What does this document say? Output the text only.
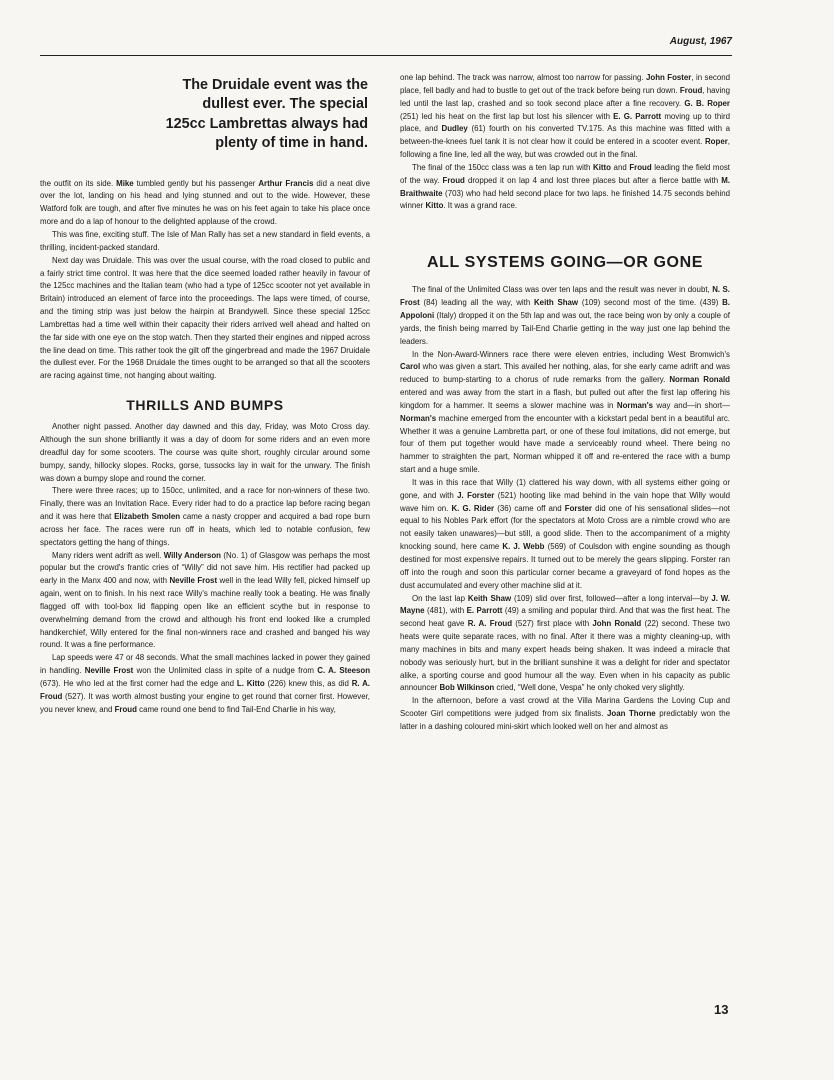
August, 1967
The Druidale event was the dullest ever. The special 125cc Lambrettas always had plenty of time in hand.

the outfit on its side. Mike tumbled gently but his passenger Arthur Francis did a neat dive over the lot, landing on his head and lying stunned and out to the wide. However, these Watford folk are tough, and after five minutes he was on his feet again to take his place once more and do a lap of honour to the delighted applause of the crowd.

This was fine, exciting stuff. The Isle of Man Rally has set a new standard in field events, a thrilling, incident-packed standard.

Next day was Druidale. This was over the usual course, with the road closed to public and a fairly strict time control. It was here that the dice seemed loaded rather heavily in favour of the 125cc machines and the Italian team (who had a type of 125cc scooter not yet available in Britain) introduced an element of farce into the proceedings. The laps were timed, of course, and the timing strip was just below the hairpin at Brandywell. Since these special 125cc Lambrettas had a time well within their capacity their riders arrived well ahead and halted on the far side with one eye on the stop watch. Then they started their engines and nipped across the line dead on time. This rather took the gilt off the gingerbread and made the 1967 Druidale the dullest ever. For the 1968 Druidale the times ought to be arranged so that all the scooters are racing against time, not hanging about waiting.

THRILLS AND BUMPS

Another night passed. Another day dawned and this day, Friday, was Moto Cross day. Although the sun shone brilliantly it was a day of doom for some riders and an even more dreadful day for some scooters. The course was quite short, roughly circular around some bumpy, sandy, hillocky slopes. Rocks, gorse, tussocks lay in wait for the unwary. The finish was down a bumpy slope and round the corner.

There were three races; up to 150cc, unlimited, and a race for non-winners of these two. Finally, there was an Invitation Race. Every rider had to do a practice lap before racing began and it was here that Elizabeth Smolen came a nasty cropper and acquired a bad rope burn across her face. The races were run off in heats, which led to notable confusion, few spectators getting the hang of things.

Many riders went adrift as well. Willy Anderson (No. 1) of Glasgow was perhaps the most popular but the crowd's frantic cries of “Willy” did not save him. His rectifier had packed up early in the Manx 400 and now, with Neville Frost well in the lead Willy fell, picked himself up again, went on to finish. In his next race Willy's machine really took a beating. He was finally flagged off with tool-box lid flapping open like an efficient scythe but in response to overwhelming demand from the crowd and although his front end looked like a crumpled handkerchief, Willy entered for the final non-winners race and crashed and banged his way round. It was a fine performance.

Lap speeds were 47 or 48 seconds. What the small machines lacked in power they gained in handling. Neville Frost won the Unlimited class in spite of a nudge from C. A. Steeson (673). He who led at the first corner had the edge and L. Kitto (226) knew this, as did R. A. Froud (527). It was worth almost busting your engine to get round that corner first. However, you never knew, and Froud came round one bend to find Tail-End Charlie in his way,

one lap behind. The track was narrow, almost too narrow for passing. John Foster, in second place, fell badly and had to bustle to get out of the track before being run down. Froud, having led until the last lap, crashed and so took second place after a fine recovery. G. B. Roper (251) led his heat on the first lap but lost his silencer with E. G. Parrott moving up to third place, and Dudley (61) fourth on his converted TV.175. As this machine was fitted with a between-the-knees fuel tank it is not clear how it could be entered in a scooter event. Roper, following a fine line, led all the way, but was crowded out in the final.

The final of the 150cc class was a ten lap run with Kitto and Froud leading the field most of the way. Froud dropped it on lap 4 and lost three places but after a fierce battle with M. Braithwaite (703) who had held second place for two laps. he finished 14.75 seconds behind winner Kitto. It was a grand race.

ALL SYSTEMS GOING—OR GONE

The final of the Unlimited Class was over ten laps and the result was never in doubt, N. S. Frost (84) leading all the way, with Keith Shaw (109) second most of the time. (439) B. Appoloni (Italy) dropped it on the 5th lap and was out, the race being won by only a couple of yards, the finish being marred by Tail-End Charlie getting in the way just one lap behind the leaders.

In the Non-Award-Winners race there were eleven entries, including West Bromwich's Carol who was given a start. This availed her nothing, alas, for she early came adrift and was reduced to bump-starting to a chorus of rude remarks from the gallery. Norman Ronald entered and was away from the start in a flash, but pulled out after the first lap offering his kingdom for a hammer. It seems a slower machine was in Norman's way and—in short—Norman's machine emerged from the encounter with a kickstart pedal bent in a beautiful arc. Whether it was a genuine Lambretta part, or one of these foul imitations, did not emerge, but four of them put together would have made a serviceably round wheel. There being no hammer to straighten the part, Norman whipped it off and re-entered the race with a bump start and a huge smile.

It was in this race that Willy (1) clattered his way down, with all systems either going or gone, and with J. Forster (521) hooting like mad behind in the vain hope that Willy would wave him on. K. G. Rider (36) came off and Forster did one of his sensational slides—not equal to his Nobles Park effort (for the spectators at Moto Cross are a nimble crowd who are not easily taken unawares)—but still, a good slide. Then to the accompaniment of a mighty knocking sound, here came K. J. Webb (569) of Coulsdon with engine sounding as though destined for most expensive repairs. It turned out to be merely the gears slipping. Forster ran off into the rough and soon this particular corner became a graveyard of fond hopes as the dust accumulated and every other machine slid at it.

On the last lap Keith Shaw (109) slid over first, followed—after a long interval—by J. W. Mayne (481), with E. Parrott (49) a smiling and popular third. And that was the first heat. The second heat gave R. A. Froud (527) first place with John Ronald (22) second. These two heats were quite separate races, with no final. After it there was a mighty cleaning-up, with many machines in bits and many expert heads being shaken. It was indeed a miracle that nobody was seriously hurt, but in the brilliant sunshine it was a delight for rider and spectator alike, a sporting course and good humour all the way. Even when in his capacity as public announcer Bob Wilkinson cried, “Well done, Vespa” he only choked very slightly.

In the afternoon, before a vast crowd at the Villa Marina Gardens the Loving Cup and Scooter Girl competitions were judged from six finalists. Joan Thorne predictably won the latter in a dashing coloured mini-skirt which looked well on her and almost as

13
